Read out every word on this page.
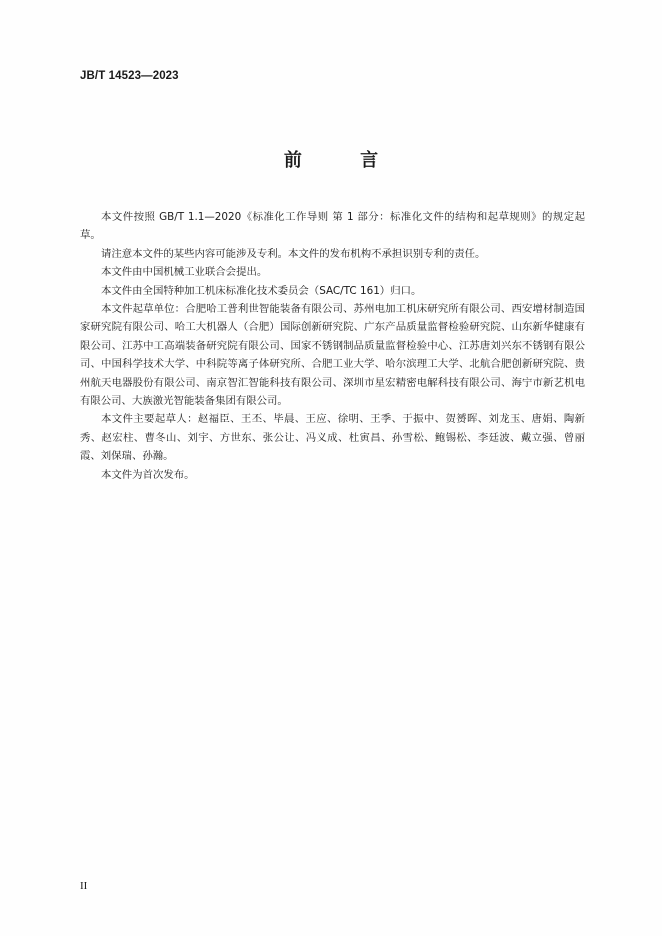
JB/T 14523—2023
前 言

本文件按照 GB/T 1.1—2020《标准化工作导则 第 1 部分：标准化文件的结构和起草规则》的规定起草。

请注意本文件的某些内容可能涉及专利。本文件的发布机构不承担识别专利的责任。

本文件由中国机械工业联合会提出。

本文件由全国特种加工机床标准化技术委员会（SAC/TC 161）归口。

本文件起草单位：合肥哈工普利世智能装备有限公司、苏州电加工机床研究所有限公司、西安增材制造国家研究院有限公司、哈工大机器人（合肥）国际创新研究院、广东产品质量监督检验研究院、山东新华健康有限公司、江苏中工高端装备研究院有限公司、国家不锈钢制品质量监督检验中心、江苏唐刘兴东不锈钢有限公司、中国科学技术大学、中科院等离子体研究所、合肥工业大学、哈尔滨理工大学、北航合肥创新研究院、贵州航天电器股份有限公司、南京智汇智能科技有限公司、深圳市星宏精密电解科技有限公司、海宁市新艺机电有限公司、大族激光智能装备集团有限公司。

本文件主要起草人：赵福臣、王丕、毕晨、王应、徐明、王季、于振中、贺赟晖、刘龙玉、唐娟、陶新秀、赵宏柱、曹冬山、刘宇、方世东、张公让、冯义成、杜寅昌、孙雪松、鲍锡松、李廷波、戴立强、曾丽霞、刘保瑞、孙瀚。

本文件为首次发布。

II
